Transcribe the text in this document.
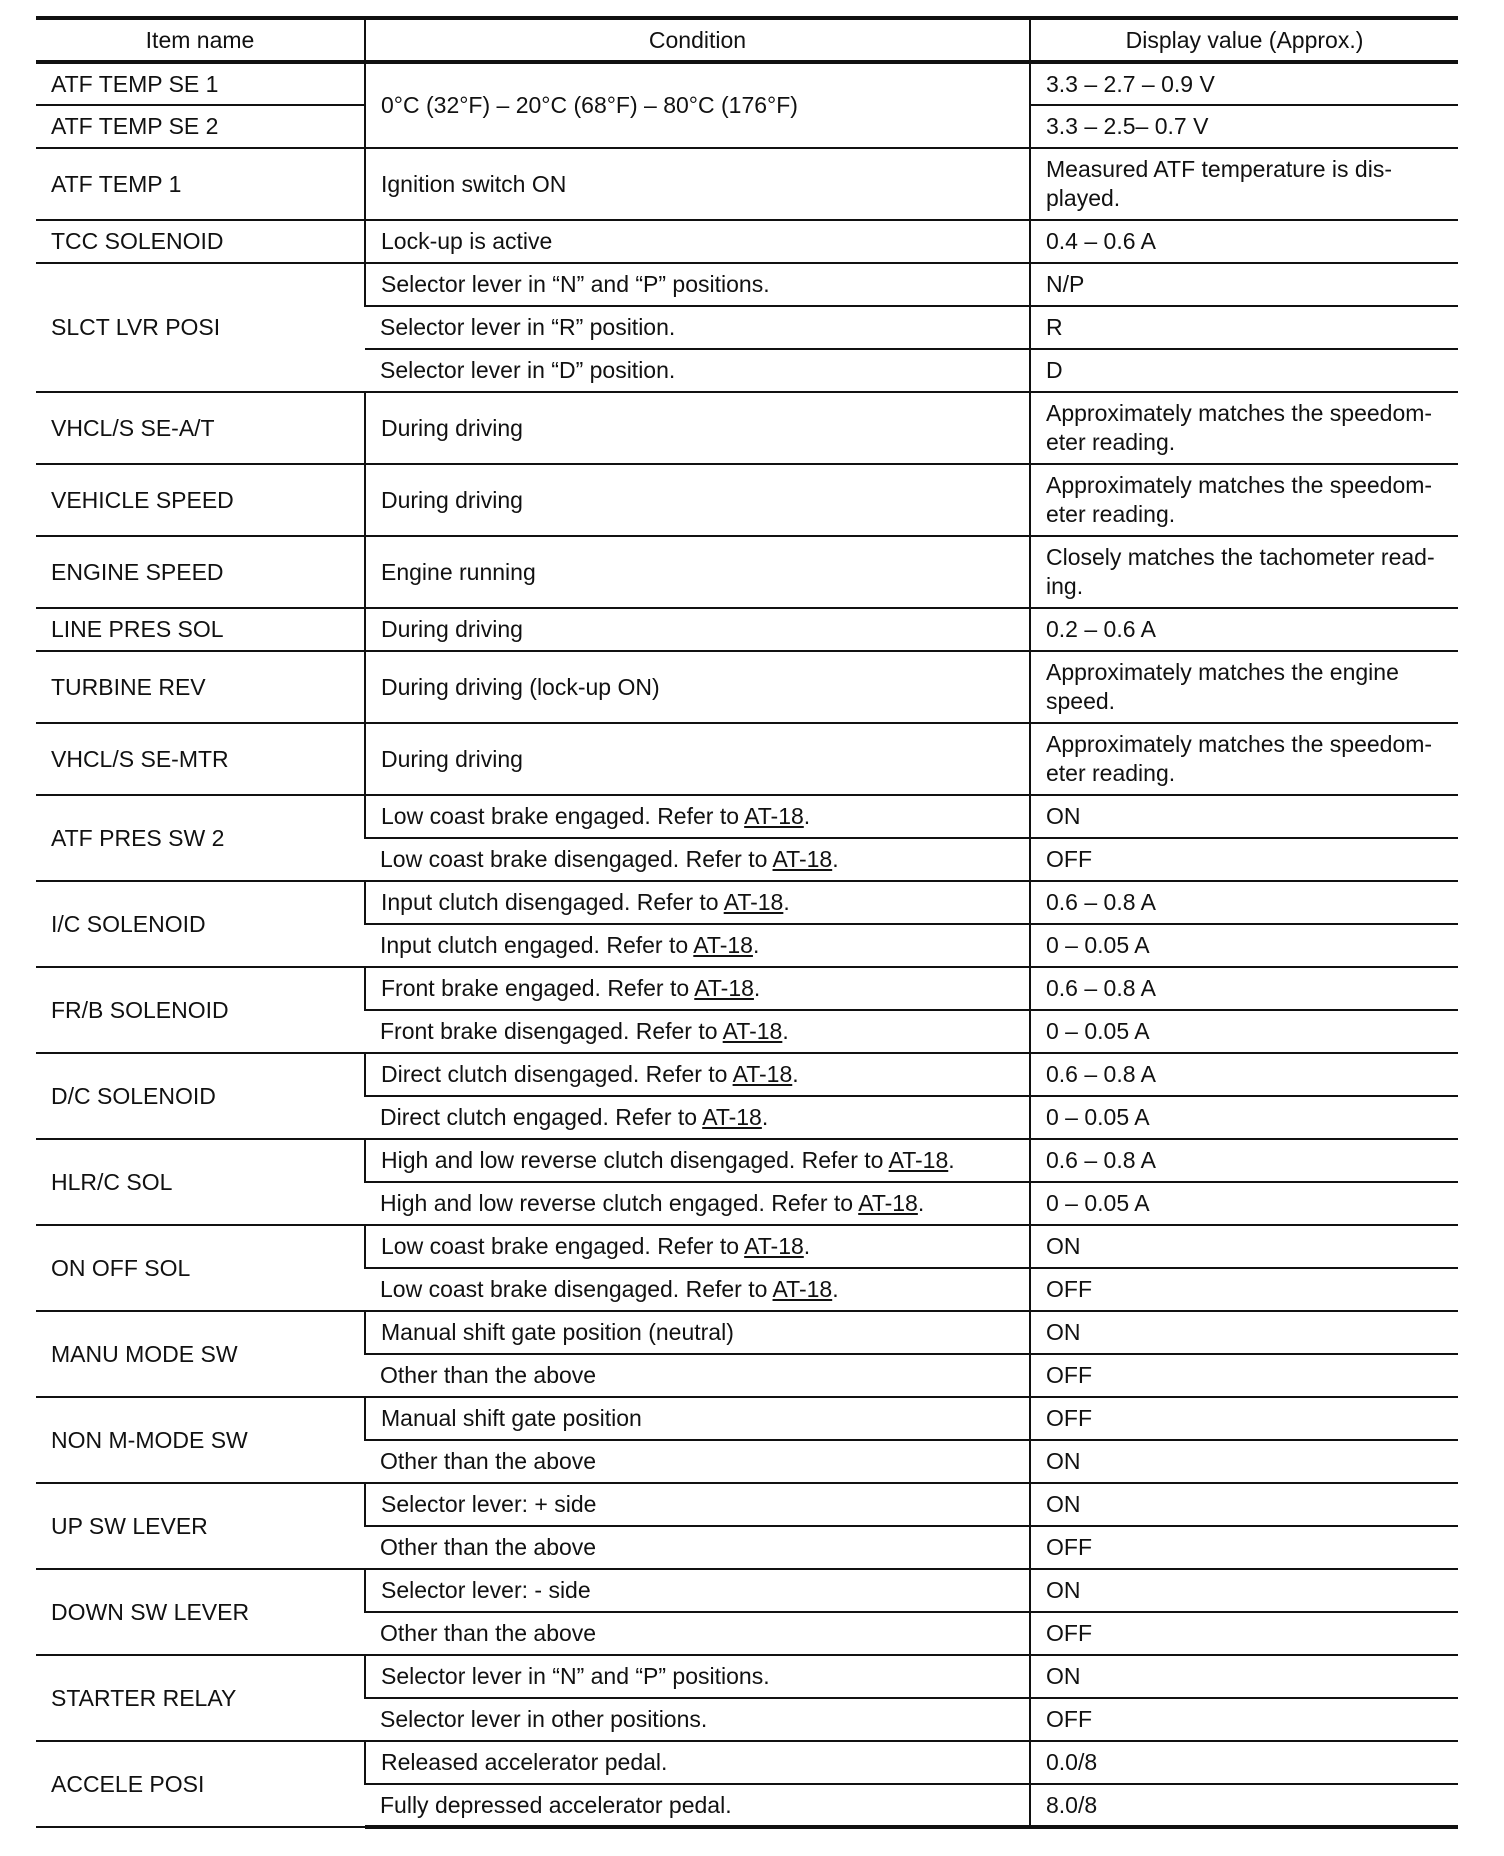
Item name	Condition	Display value (Approx.)
ATF TEMP SE 1	0°C (32°F) – 20°C (68°F) – 80°C (176°F)	3.3 – 2.7 – 0.9 V
ATF TEMP SE 2		3.3 – 2.5– 0.7 V
ATF TEMP 1	Ignition switch ON	Measured ATF temperature is dis- played.
TCC SOLENOID	Lock-up is active	0.4 – 0.6 A
SLCT LVR POSI	Selector lever in “N” and “P” positions.	N/P
	Selector lever in “R” position.	R
	Selector lever in “D” position.	D
VHCL/S SE-A/T	During driving	Approximately matches the speedom- eter reading.
VEHICLE SPEED	During driving	Approximately matches the speedom- eter reading.
ENGINE SPEED	Engine running	Closely matches the tachometer read- ing.
LINE PRES SOL	During driving	0.2 – 0.6 A
TURBINE REV	During driving (lock-up ON)	Approximately matches the engine speed.
VHCL/S SE-MTR	During driving	Approximately matches the speedom- eter reading.
ATF PRES SW 2	Low coast brake engaged. Refer to AT-18.	ON
	Low coast brake disengaged. Refer to AT-18.	OFF
I/C SOLENOID	Input clutch disengaged. Refer to AT-18.	0.6 – 0.8 A
	Input clutch engaged. Refer to AT-18.	0 – 0.05 A
FR/B SOLENOID	Front brake engaged. Refer to AT-18.	0.6 – 0.8 A
	Front brake disengaged. Refer to AT-18.	0 – 0.05 A
D/C SOLENOID	Direct clutch disengaged. Refer to AT-18.	0.6 – 0.8 A
	Direct clutch engaged. Refer to AT-18.	0 – 0.05 A
HLR/C SOL	High and low reverse clutch disengaged. Refer to AT-18.	0.6 – 0.8 A
	High and low reverse clutch engaged. Refer to AT-18.	0 – 0.05 A
ON OFF SOL	Low coast brake engaged. Refer to AT-18.	ON
	Low coast brake disengaged. Refer to AT-18.	OFF
MANU MODE SW	Manual shift gate position (neutral)	ON
	Other than the above	OFF
NON M-MODE SW	Manual shift gate position	OFF
	Other than the above	ON
UP SW LEVER	Selector lever: + side	ON
	Other than the above	OFF
DOWN SW LEVER	Selector lever: - side	ON
	Other than the above	OFF
STARTER RELAY	Selector lever in “N” and “P” positions.	ON
	Selector lever in other positions.	OFF
ACCELE POSI	Released accelerator pedal.	0.0/8
	Fully depressed accelerator pedal.	8.0/8
